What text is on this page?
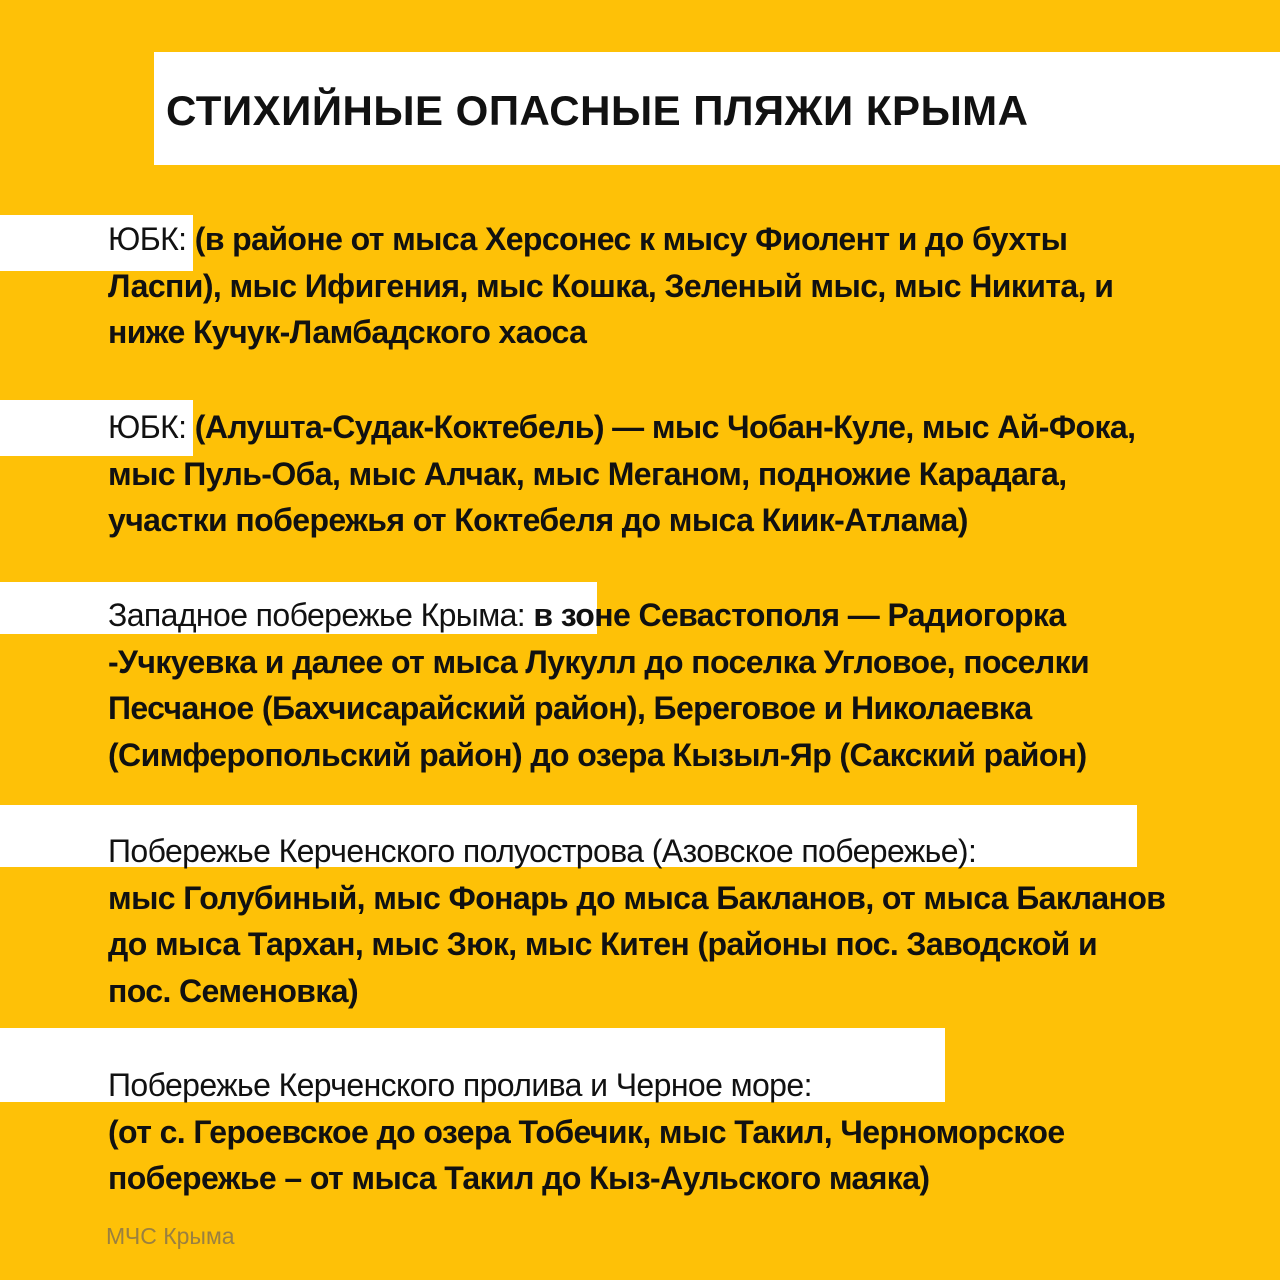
СТИХИЙНЫЕ ОПАСНЫЕ ПЛЯЖИ КРЫМА
ЮБК: (в районе от мыса Херсонес к мысу Фиолент и до бухты
Ласпи), мыс Ифигения, мыс Кошка, Зеленый мыс, мыс Никита, и
ниже Кучук-Ламбадского хаоса
ЮБК: (Алушта-Судак-Коктебель) — мыс Чобан-Куле, мыс Ай-Фока,
мыс Пуль-Оба, мыс Алчак, мыс Меганом, подножие Карадага,
участки побережья от Коктебеля до мыса Киик-Атлама)
Западное побережье Крыма: в зоне Севастополя — Радиогорка
-Учкуевка и далее от мыса Лукулл до поселка Угловое, поселки
Песчаное (Бахчисарайский район), Береговое и Николаевка
(Симферопольский район) до озера Кызыл-Яр (Сакский район)
Побережье Керченского полуострова (Азовское побережье):
мыс Голубиный, мыс Фонарь до мыса Бакланов, от мыса Бакланов
до мыса Тархан, мыс Зюк, мыс Китен (районы пос. Заводской и
пос. Семеновка)
Побережье Керченского пролива и Черное море:
(от с. Героевское до озера Тобечик, мыс Такил, Черноморское
побережье – от мыса Такил до Кыз-Аульского маяка)
МЧС Крыма
